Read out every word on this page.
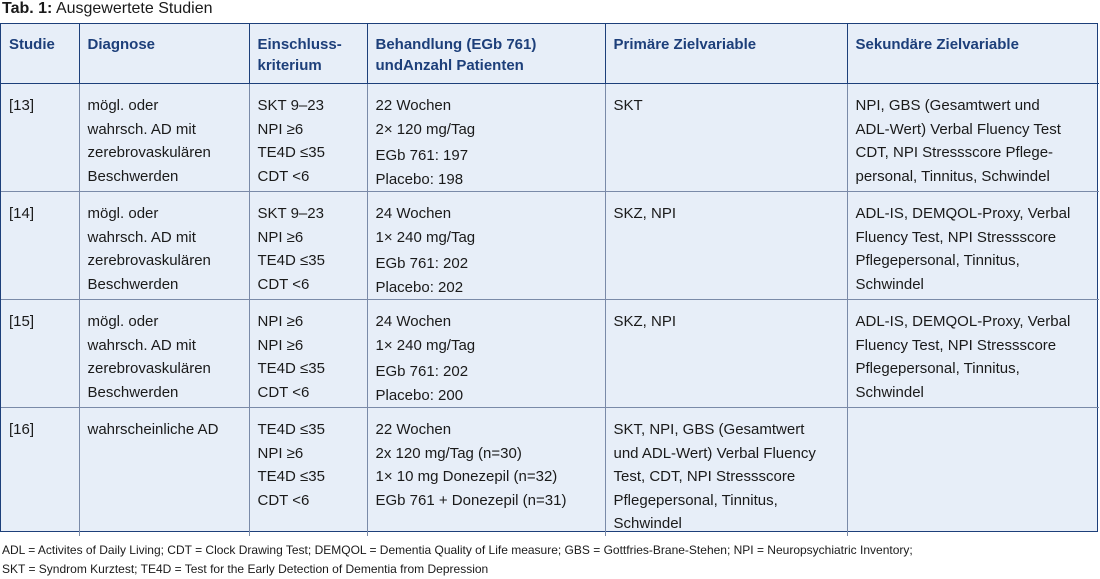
Tab. 1: Ausgewertete Studien
Studie	Diagnose	Einschluss-kriterium	Behandlung (EGb 761) undAnzahl Patienten	Primäre Zielvariable	Sekundäre Zielvariable

[13]	mögl. oder
wahrsch. AD mit
zerebrovaskulären
Beschwerden	SKT 9–23
NPI ≥6
TE4D ≤35
CDT <6	22 Wochen
2× 120 mg/Tag
EGb 761: 197
Placebo: 198	SKT	NPI, GBS (Gesamtwert und
ADL-Wert) Verbal Fluency Test
CDT, NPI Stressscore Pflege-
personal, Tinnitus, Schwindel

[14]	mögl. oder
wahrsch. AD mit
zerebrovaskulären
Beschwerden	SKT 9–23
NPI ≥6
TE4D ≤35
CDT <6	24 Wochen
1× 240 mg/Tag
EGb 761: 202
Placebo: 202	SKZ, NPI	ADL-IS, DEMQOL-Proxy, Verbal
Fluency Test, NPI Stressscore
Pflegepersonal, Tinnitus,
Schwindel

[15]	mögl. oder
wahrsch. AD mit
zerebrovaskulären
Beschwerden	NPI ≥6
NPI ≥6
TE4D ≤35
CDT <6	24 Wochen
1× 240 mg/Tag
EGb 761: 202
Placebo: 200	SKZ, NPI	ADL-IS, DEMQOL-Proxy, Verbal
Fluency Test, NPI Stressscore
Pflegepersonal, Tinnitus,
Schwindel

[16]	wahrscheinliche AD	TE4D ≤35
NPI ≥6
TE4D ≤35
CDT <6	22 Wochen
2x 120 mg/Tag (n=30)
1× 10 mg Donezepil (n=32)
EGb 761 + Donezepil (n=31)	SKT, NPI, GBS (Gesamtwert
und ADL-Wert) Verbal Fluency
Test, CDT, NPI Stressscore
Pflegepersonal, Tinnitus,
Schwindel	

ADL = Activites of Daily Living; CDT = Clock Drawing Test; DEMQOL = Dementia Quality of Life measure; GBS = Gottfries-Brane-Stehen; NPI = Neuropsychiatric Inventory;
SKT = Syndrom Kurztest; TE4D = Test for the Early Detection of Dementia from Depression
